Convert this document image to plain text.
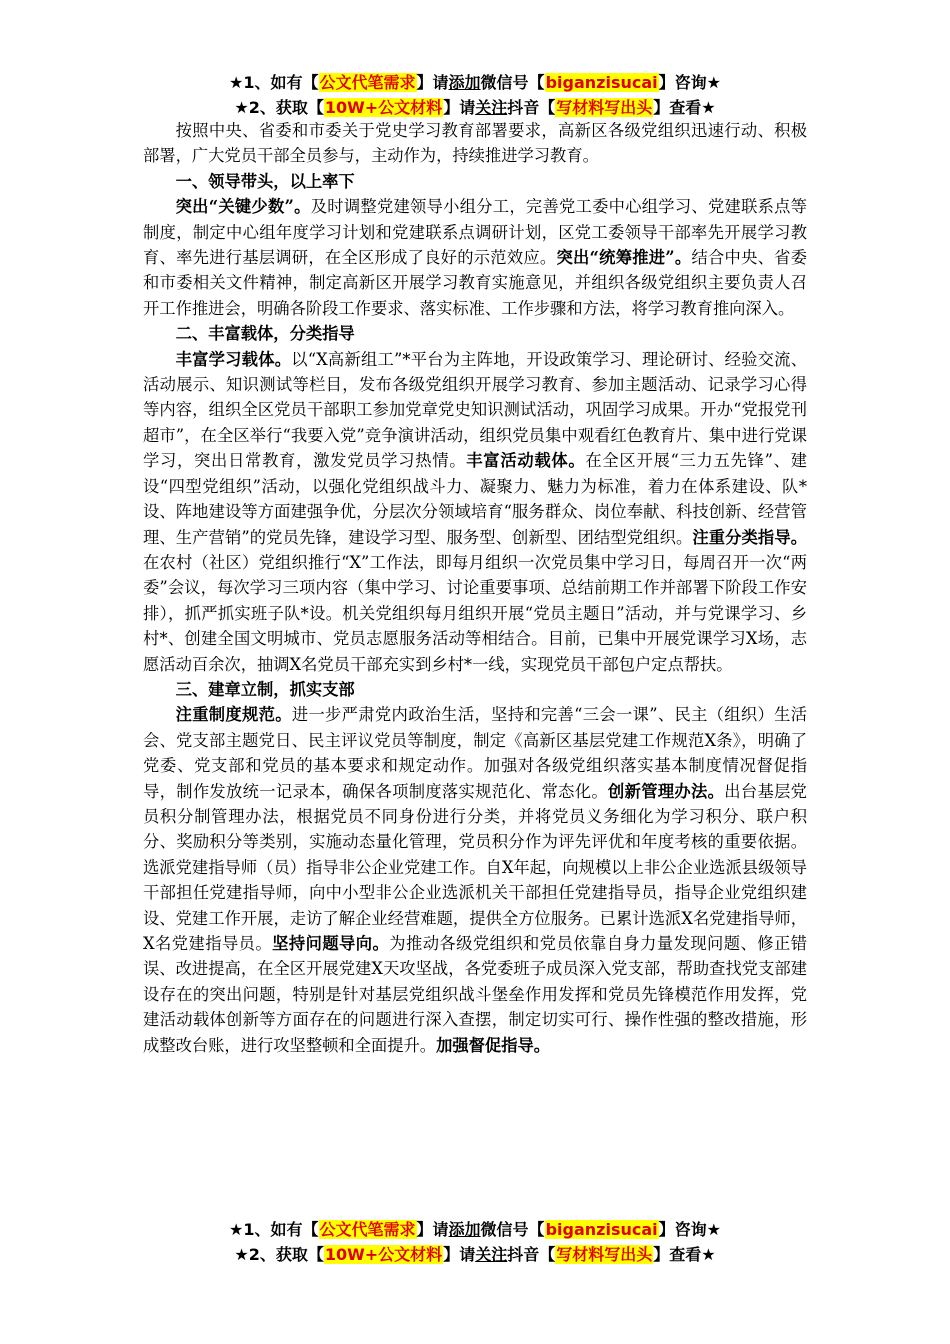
★1、如有【公文代笔需求】请添加微信号【biganzisucai】咨询★
★2、获取【10W+公文材料】请关注抖音【写材料写出头】查看★

按照中央、省委和市委关于党史学习教育部署要求，高新区各级党组织迅速行动、积极部署，广大党员干部全员参与，主动作为，持续推进学习教育。

一、领导带头，以上率下

突出“关键少数”。及时调整党建领导小组分工，完善党工委中心组学习、党建联系点等制度，制定中心组年度学习计划和党建联系点调研计划，区党工委领导干部率先开展学习教育、率先进行基层调研，在全区形成了良好的示范效应。突出“统筹推进”。结合中央、省委和市委相关文件精神，制定高新区开展学习教育实施意见，并组织各级党组织主要负责人召开工作推进会，明确各阶段工作要求、落实标准、工作步骤和方法，将学习教育推向深入。

二、丰富载体，分类指导

丰富学习载体。以“X高新组工”*平台为主阵地，开设政策学习、理论研讨、经验交流、活动展示、知识测试等栏目，发布各级党组织开展学习教育、参加主题活动、记录学习心得等内容，组织全区党员干部职工参加党章党史知识测试活动，巩固学习成果。开办“党报党刊超市”，在全区举行“我要入党”竞争演讲活动，组织党员集中观看红色教育片、集中进行党课学习，突出日常教育，激发党员学习热情。丰富活动载体。在全区开展“三力五先锋”、建设“四型党组织”活动，以强化党组织战斗力、凝聚力、魅力为标准，着力在体系建设、队*设、阵地建设等方面建强争优，分层次分领域培育“服务群众、岗位奉献、科技创新、经营管理、生产营销”的党员先锋，建设学习型、服务型、创新型、团结型党组织。注重分类指导。在农村（社区）党组织推行“X”工作法，即每月组织一次党员集中学习日，每周召开一次“两委”会议，每次学习三项内容（集中学习、讨论重要事项、总结前期工作并部署下阶段工作安排），抓严抓实班子队*设。机关党组织每月组织开展“党员主题日”活动，并与党课学习、乡村*、创建全国文明城市、党员志愿服务活动等相结合。目前，已集中开展党课学习X场，志愿活动百余次，抽调X名党员干部充实到乡村*一线，实现党员干部包户定点帮扶。

三、建章立制，抓实支部

注重制度规范。进一步严肃党内政治生活，坚持和完善“三会一课”、民主（组织）生活会、党支部主题党日、民主评议党员等制度，制定《高新区基层党建工作规范X条》，明确了党委、党支部和党员的基本要求和规定动作。加强对各级党组织落实基本制度情况督促指导，制作发放统一记录本，确保各项制度落实规范化、常态化。创新管理办法。出台基层党员积分制管理办法，根据党员不同身份进行分类，并将党员义务细化为学习积分、联户积分、奖励积分等类别，实施动态量化管理，党员积分作为评先评优和年度考核的重要依据。选派党建指导师（员）指导非公企业党建工作。自X年起，向规模以上非公企业选派县级领导干部担任党建指导师，向中小型非公企业选派机关干部担任党建指导员，指导企业党组织建设、党建工作开展，走访了解企业经营难题，提供全方位服务。已累计选派X名党建指导师，X名党建指导员。坚持问题导向。为推动各级党组织和党员依靠自身力量发现问题、修正错误、改进提高，在全区开展党建X天攻坚战，各党委班子成员深入党支部，帮助查找党支部建设存在的突出问题，特别是针对基层党组织战斗堡垒作用发挥和党员先锋模范作用发挥，党建活动载体创新等方面存在的问题进行深入查摆，制定切实可行、操作性强的整改措施，形成整改台账，进行攻坚整顿和全面提升。加强督促指导。

★1、如有【公文代笔需求】请添加微信号【biganzisucai】咨询★
★2、获取【10W+公文材料】请关注抖音【写材料写出头】查看★
